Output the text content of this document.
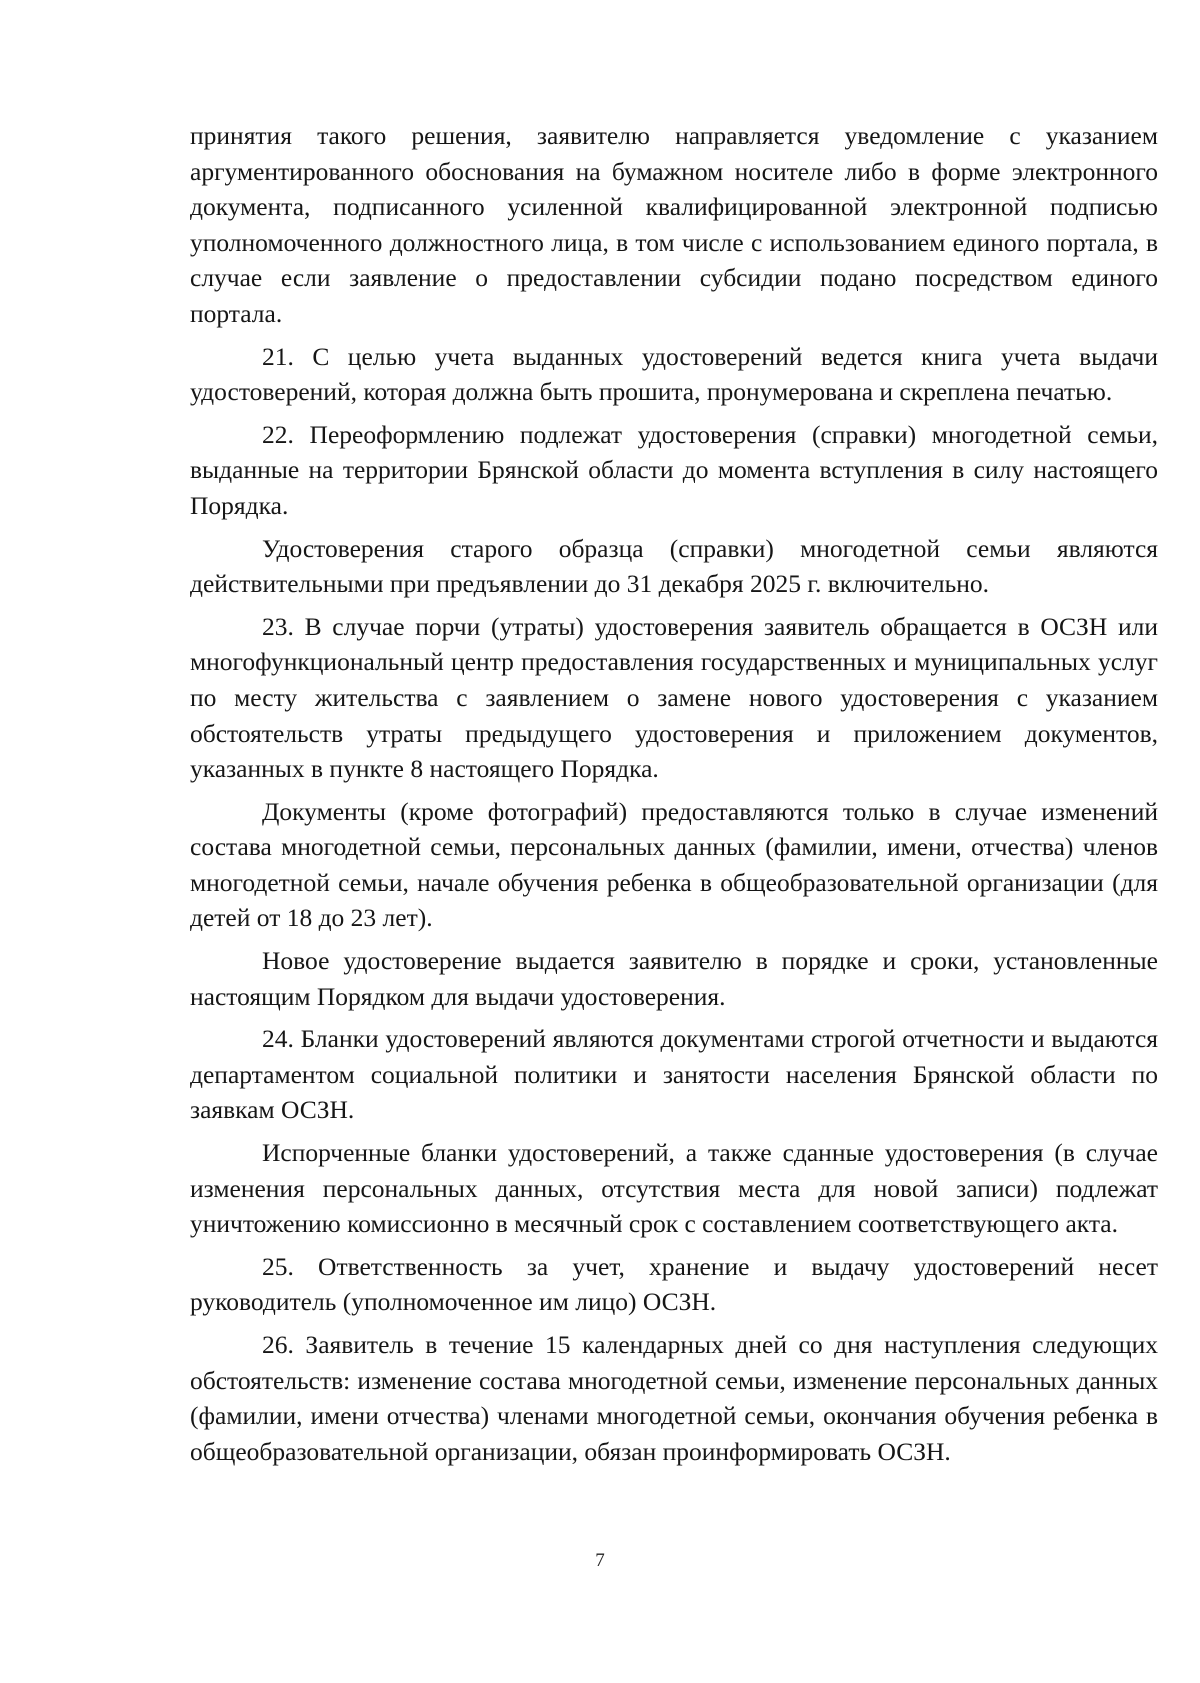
принятия такого решения, заявителю направляется уведомление с указанием аргументированного обоснования на бумажном носителе либо в форме электронного документа, подписанного усиленной квалифицированной электронной подписью уполномоченного должностного лица, в том числе с использованием единого портала, в случае если заявление о предоставлении субсидии подано посредством единого портала.

21. С целью учета выданных удостоверений ведется книга учета выдачи удостоверений, которая должна быть прошита, пронумерована и скреплена печатью.

22. Переоформлению подлежат удостоверения (справки) многодетной семьи, выданные на территории Брянской области до момента вступления в силу настоящего Порядка.

Удостоверения старого образца (справки) многодетной семьи являются действительными при предъявлении до 31 декабря 2025 г. включительно.

23. В случае порчи (утраты) удостоверения заявитель обращается в ОСЗН или многофункциональный центр предоставления государственных и муниципальных услуг по месту жительства с заявлением о замене нового удостоверения с указанием обстоятельств утраты предыдущего удостоверения и приложением документов, указанных в пункте 8 настоящего Порядка.

Документы (кроме фотографий) предоставляются только в случае изменений состава многодетной семьи, персональных данных (фамилии, имени, отчества) членов многодетной семьи, начале обучения ребенка в общеобразовательной организации (для детей от 18 до 23 лет).

Новое удостоверение выдается заявителю в порядке и сроки, установленные настоящим Порядком для выдачи удостоверения.

24. Бланки удостоверений являются документами строгой отчетности и выдаются департаментом социальной политики и занятости населения Брянской области по заявкам ОСЗН.

Испорченные бланки удостоверений, а также сданные удостоверения (в случае изменения персональных данных, отсутствия места для новой записи) подлежат уничтожению комиссионно в месячный срок с составлением соответствующего акта.

25. Ответственность за учет, хранение и выдачу удостоверений несет руководитель (уполномоченное им лицо) ОСЗН.

26. Заявитель в течение 15 календарных дней со дня наступления следующих обстоятельств: изменение состава многодетной семьи, изменение персональных данных (фамилии, имени отчества) членами многодетной семьи, окончания обучения ребенка в общеобразовательной организации, обязан проинформировать ОСЗН.

7
